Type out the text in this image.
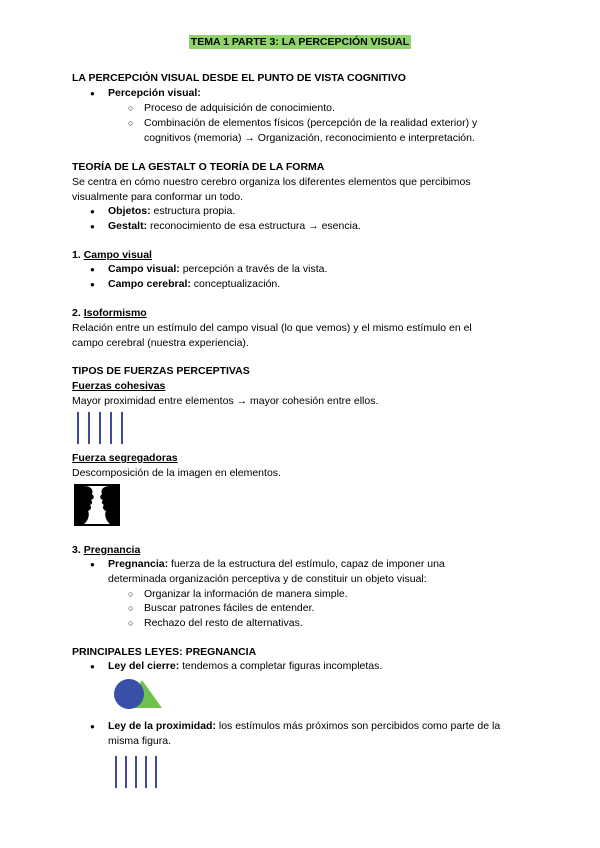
TEMA 1 PARTE 3: LA PERCEPCIÓN VISUAL
LA PERCEPCIÓN VISUAL DESDE EL PUNTO DE VISTA COGNITIVO
● Percepción visual:
○ Proceso de adquisición de conocimiento.
○ Combinación de elementos físicos (percepción de la realidad exterior) y
cognitivos (memoria) → Organización, reconocimiento e interpretación.
TEORÍA DE LA GESTALT O TEORÍA DE LA FORMA
Se centra en cómo nuestro cerebro organiza los diferentes elementos que percibimos
visualmente para conformar un todo.
● Objetos: estructura propia.
● Gestalt: reconocimiento de esa estructura → esencia.
1. Campo visual
● Campo visual: percepción a través de la vista.
● Campo cerebral: conceptualización.
2. Isoformismo
Relación entre un estímulo del campo visual (lo que vemos) y el mismo estímulo en el
campo cerebral (nuestra experiencia).
TIPOS DE FUERZAS PERCEPTIVAS
Fuerzas cohesivas
Mayor proximidad entre elementos → mayor cohesión entre ellos.
Fuerza segregadoras
Descomposición de la imagen en elementos.
3. Pregnancia
● Pregnancia: fuerza de la estructura del estímulo, capaz de imponer una
determinada organización perceptiva y de constituir un objeto visual:
○ Organizar la información de manera simple.
○ Buscar patrones fáciles de entender.
○ Rechazo del resto de alternativas.
PRINCIPALES LEYES: PREGNANCIA
● Ley del cierre: tendemos a completar figuras incompletas.
● Ley de la proximidad: los estímulos más próximos son percibidos como parte de la
misma figura.
